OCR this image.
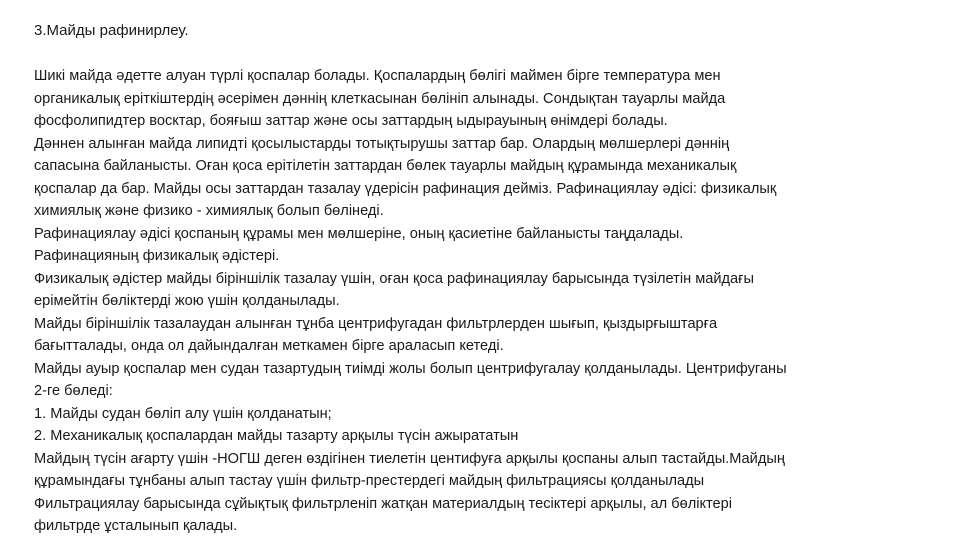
3.Майды рафинирлеу.
Шикі майда әдетте алуан түрлі қоспалар болады. Қоспалардың бөлігі маймен бірге температура мен
органикалық еріткіштердің әсерімен дәннің клеткасынан бөлініп алынады. Сондықтан тауарлы майда
фосфолипидтер восктар, бояғыш заттар және осы заттардың ыдырауының өнімдері болады.
Дәннен алынған майда липидті қосылыстарды тотықтырушы заттар бар. Олардың мөлшерлері дәннің
сапасына байланысты. Оған қоса ерітілетін заттардан бөлек тауарлы майдың құрамында механикалық
қоспалар да бар. Майды осы заттардан тазалау үдерісін рафинация дейміз. Рафинациялау әдісі: физикалық
химиялық және физико - химиялық болып бөлінеді.
Рафинациялау әдісі қоспаның құрамы мен мөлшеріне, оның қасиетіне байланысты таңдалады.
Рафинацияның физикалық әдістері.
Физикалық әдістер майды біріншілік тазалау үшін, оған қоса рафинациялау барысында түзілетін майдағы
ерімейтін бөліктерді жою үшін қолданылады.
Майды біріншілік тазалаудан алынған тұнба центрифугадан фильтрлерден шығып, қыздырғыштарға
бағытталады, онда ол дайындалған меткамен бірге араласып кетеді.
Майды ауыр қоспалар мен судан тазартудың тиімді жолы болып центрифугалау қолданылады. Центрифуганы
2-ге бөледі:
1. Майды судан бөліп алу үшін қолданатын;
2. Механикалық қоспалардан майды тазарту арқылы түсін ажырататын
Майдың түсін ағарту үшін -НОГШ деген өздігінен тиелетін центифуға арқылы қоспаны алып тастайды.Майдың
құрамындағы тұнбаны алып тастау үшін фильтр-престердегі майдың фильтрациясы қолданылады
Фильтрациялау барысында сұйықтық фильтрленіп жатқан материалдың тесіктері арқылы, ал бөліктері
фильтрде ұсталынып қалады.
